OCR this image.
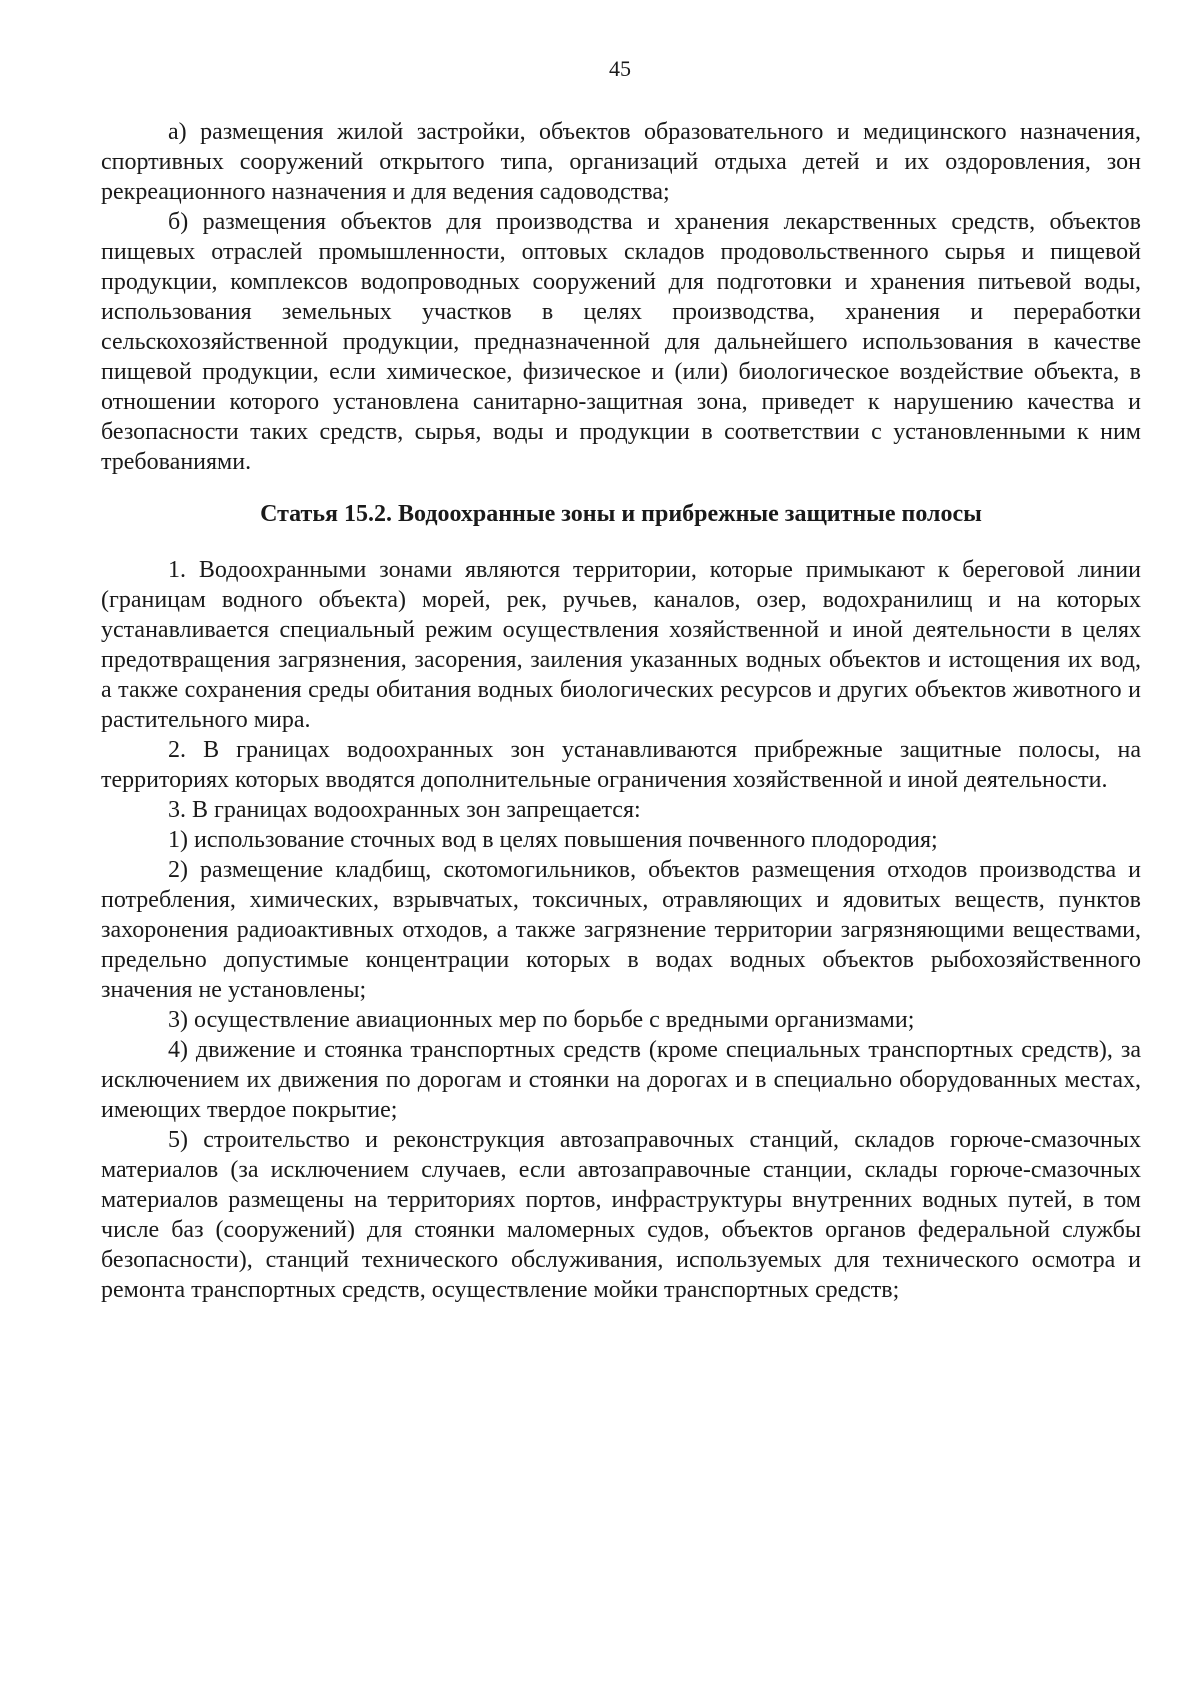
45

а) размещения жилой застройки, объектов образовательного и медицинского назначения, спортивных сооружений открытого типа, организаций отдыха детей и их оздоровления, зон рекреационного назначения и для ведения садоводства;

б) размещения объектов для производства и хранения лекарственных средств, объектов пищевых отраслей промышленности, оптовых складов продовольственного сырья и пищевой продукции, комплексов водопроводных сооружений для подготовки и хранения питьевой воды, использования земельных участков в целях производства, хранения и переработки сельскохозяйственной продукции, предназначенной для дальнейшего использования в качестве пищевой продукции, если химическое, физическое и (или) биологическое воздействие объекта, в отношении которого установлена санитарно-защитная зона, приведет к нарушению качества и безопасности таких средств, сырья, воды и продукции в соответствии с установленными к ним требованиями.

Статья 15.2. Водоохранные зоны и прибрежные защитные полосы

1. Водоохранными зонами являются территории, которые примыкают к береговой линии (границам водного объекта) морей, рек, ручьев, каналов, озер, водохранилищ и на которых устанавливается специальный режим осуществления хозяйственной и иной деятельности в целях предотвращения загрязнения, засорения, заиления указанных водных объектов и истощения их вод, а также сохранения среды обитания водных биологических ресурсов и других объектов животного и растительного мира.

2. В границах водоохранных зон устанавливаются прибрежные защитные полосы, на территориях которых вводятся дополнительные ограничения хозяйственной и иной деятельности.

3. В границах водоохранных зон запрещается:

1) использование сточных вод в целях повышения почвенного плодородия;

2) размещение кладбищ, скотомогильников, объектов размещения отходов производства и потребления, химических, взрывчатых, токсичных, отравляющих и ядовитых веществ, пунктов захоронения радиоактивных отходов, а также загрязнение территории загрязняющими веществами, предельно допустимые концентрации которых в водах водных объектов рыбохозяйственного значения не установлены;

3) осуществление авиационных мер по борьбе с вредными организмами;

4) движение и стоянка транспортных средств (кроме специальных транспортных средств), за исключением их движения по дорогам и стоянки на дорогах и в специально оборудованных местах, имеющих твердое покрытие;

5) строительство и реконструкция автозаправочных станций, складов горюче-смазочных материалов (за исключением случаев, если автозаправочные станции, склады горюче-смазочных материалов размещены на территориях портов, инфраструктуры внутренних водных путей, в том числе баз (сооружений) для стоянки маломерных судов, объектов органов федеральной службы безопасности), станций технического обслуживания, используемых для технического осмотра и ремонта транспортных средств, осуществление мойки транспортных средств;
